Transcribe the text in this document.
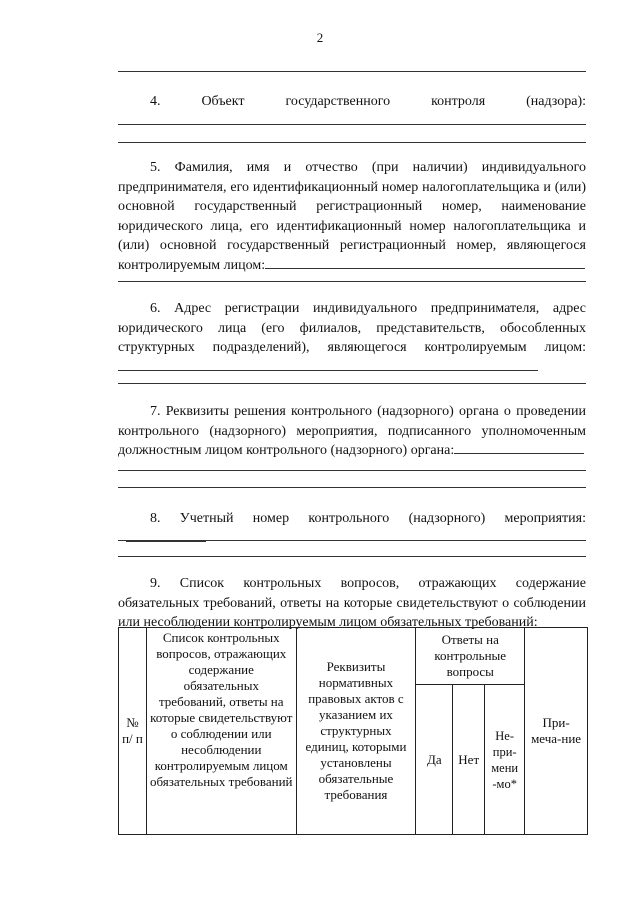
2
4. Объект государственного контроля (надзора):
5. Фамилия, имя и отчество (при наличии) индивидуального предпринимателя, его идентификационный номер налогоплательщика и (или) основной государственный регистрационный номер, наименование юридического лица, его идентификационный номер налогоплательщика и (или) основной государственный регистрационный номер, являющегося контролируемым лицом:
6. Адрес регистрации индивидуального предпринимателя, адрес юридического лица (его филиалов, представительств, обособленных структурных подразделений), являющегося контролируемым лицом:
7. Реквизиты решения контрольного (надзорного) органа о проведении контрольного (надзорного) мероприятия, подписанного уполномоченным должностным лицом контрольного (надзорного) органа:
8. Учетный номер контрольного (надзорного) мероприятия:
9. Список контрольных вопросов, отражающих содержание обязательных требований, ответы на которые свидетельствуют о соблюдении или несоблюдении контролируемым лицом обязательных требований:
№ п/ п	Список контрольных вопросов, отражающих содержание обязательных требований, ответы на которые свидетельствуют о соблюдении или несоблюдении контролируемым лицом обязательных требований	Реквизиты нормативных правовых актов с указанием их структурных единиц, которыми установлены обязательные требования	Ответы на контрольные вопросы			При-меча-ние
			Да	Нет	Не-при-мени -мо*	
